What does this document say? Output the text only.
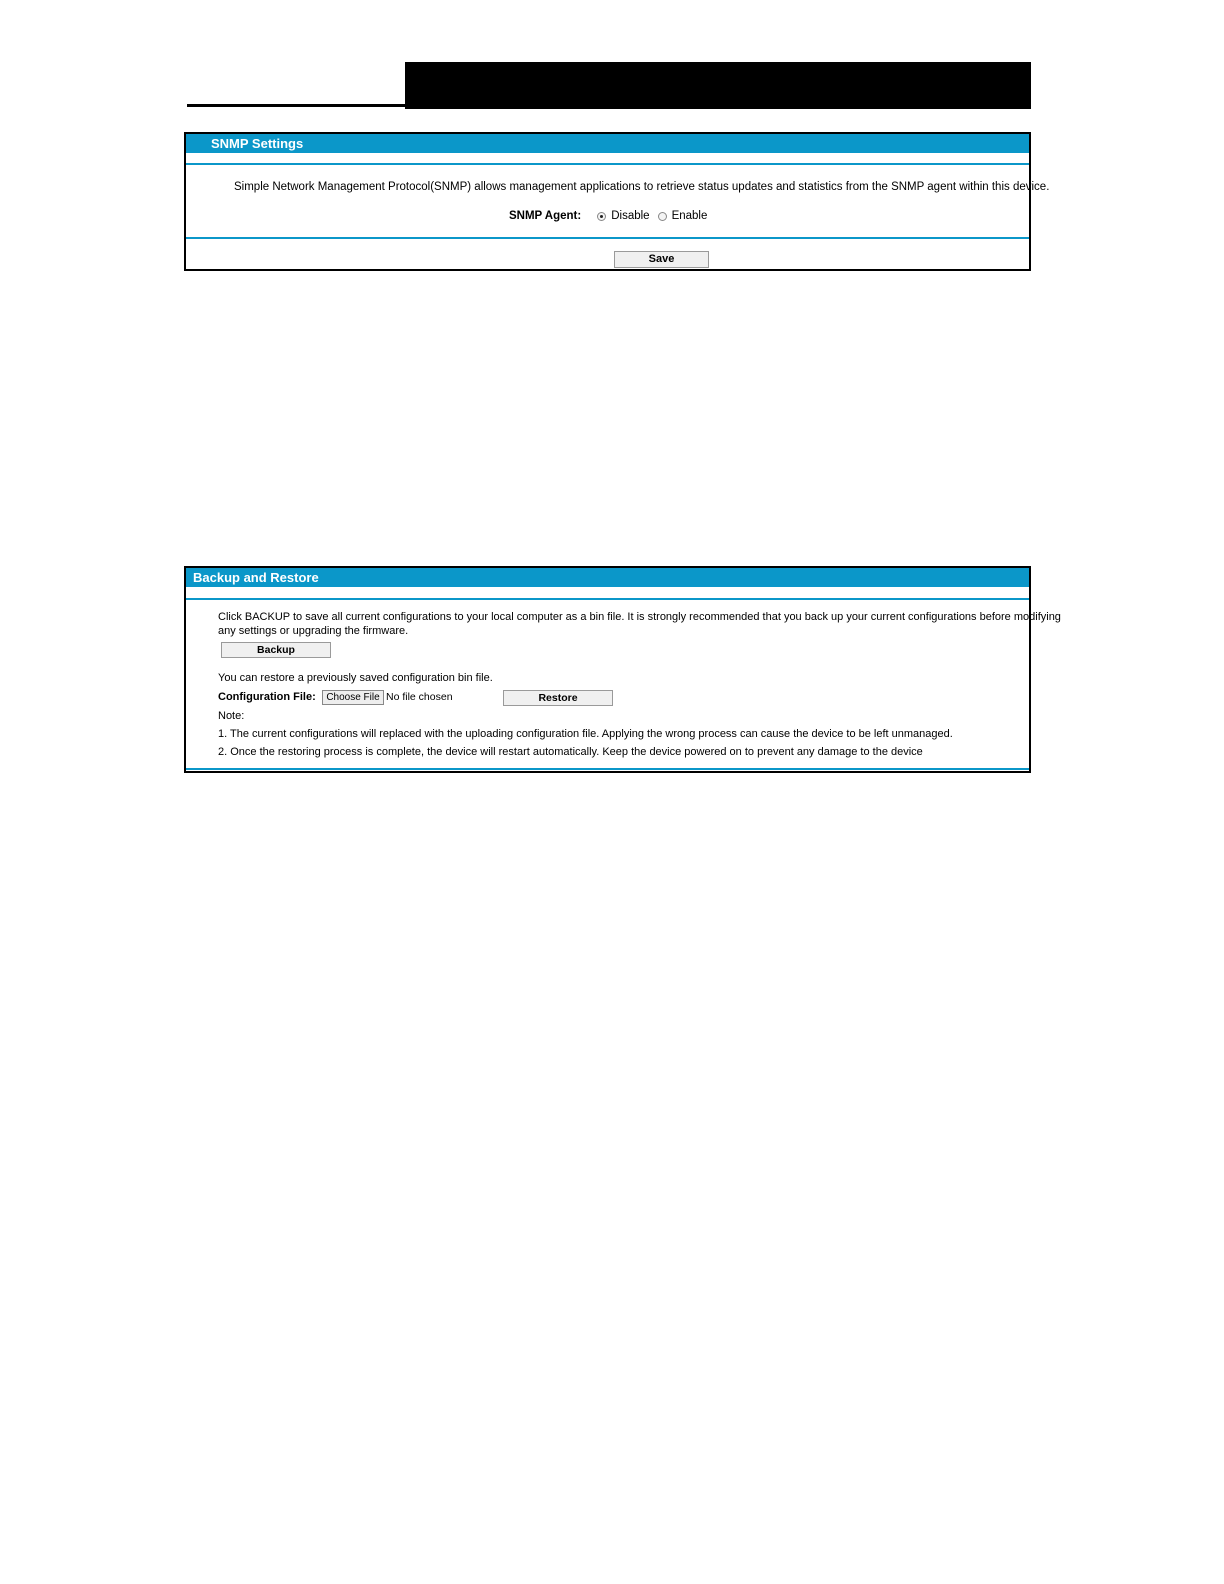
SNMP Settings
Simple Network Management Protocol(SNMP) allows management applications to retrieve status updates and statistics from the SNMP agent within this device.
SNMP Agent:	Disable Enable
Save
Backup and Restore
Click BACKUP to save all current configurations to your local computer as a bin file. It is strongly recommended that you back up your current configurations before modifying
any settings or upgrading the firmware.
Backup
You can restore a previously saved configuration bin file.
Configuration File:	Choose File No file chosen	Restore
Note:
1. The current configurations will replaced with the uploading configuration file. Applying the wrong process can cause the device to be left unmanaged.
2. Once the restoring process is complete, the device will restart automatically. Keep the device powered on to prevent any damage to the device
